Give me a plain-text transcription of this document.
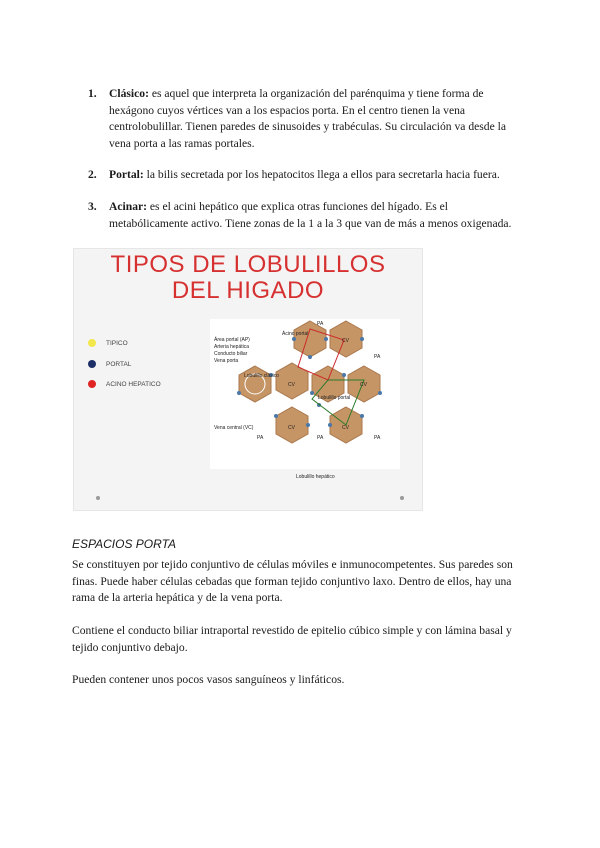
1.	Clásico: es aquel que interpreta la organización del parénquima y tiene forma de hexágono cuyos vértices van a los espacios porta. En el centro tienen la vena centrolobulillar. Tienen paredes de sinusoides y trabéculas. Su circulación va desde la vena porta a las ramas portales.
2.	Portal: la bilis secretada por los hepatocitos llega a ellos para secretarla hacia fuera.
3.	Acinar: es el acini hepático que explica otras funciones del hígado. Es el metabólicamente activo. Tiene zonas de la 1 a la 3 que van de más a menos oxigenada.
TIPOS DE LOBULILLOS
DEL HIGADO
TIPICO
PORTAL
ACINO HEPATICO
Área portal (AP)
Arteria hepática
Conducto biliar
Vena porta
Ácino portal
Lobulillo clásico
Lobulillo portal
Vena central (VC)
Lobulillo hepático
PA
PA
PA	PA	PA
CV
CV	CV
CV	CV
ESPACIOS PORTA
Se constituyen por tejido conjuntivo de células móviles e inmunocompetentes. Sus paredes son finas. Puede haber células cebadas que forman tejido conjuntivo laxo. Dentro de ellos, hay una rama de la arteria hepática y de la vena porta.
Contiene el conducto biliar intraportal revestido de epitelio cúbico simple y con lámina basal y tejido conjuntivo debajo.
Pueden contener unos pocos vasos sanguíneos y linfáticos.
